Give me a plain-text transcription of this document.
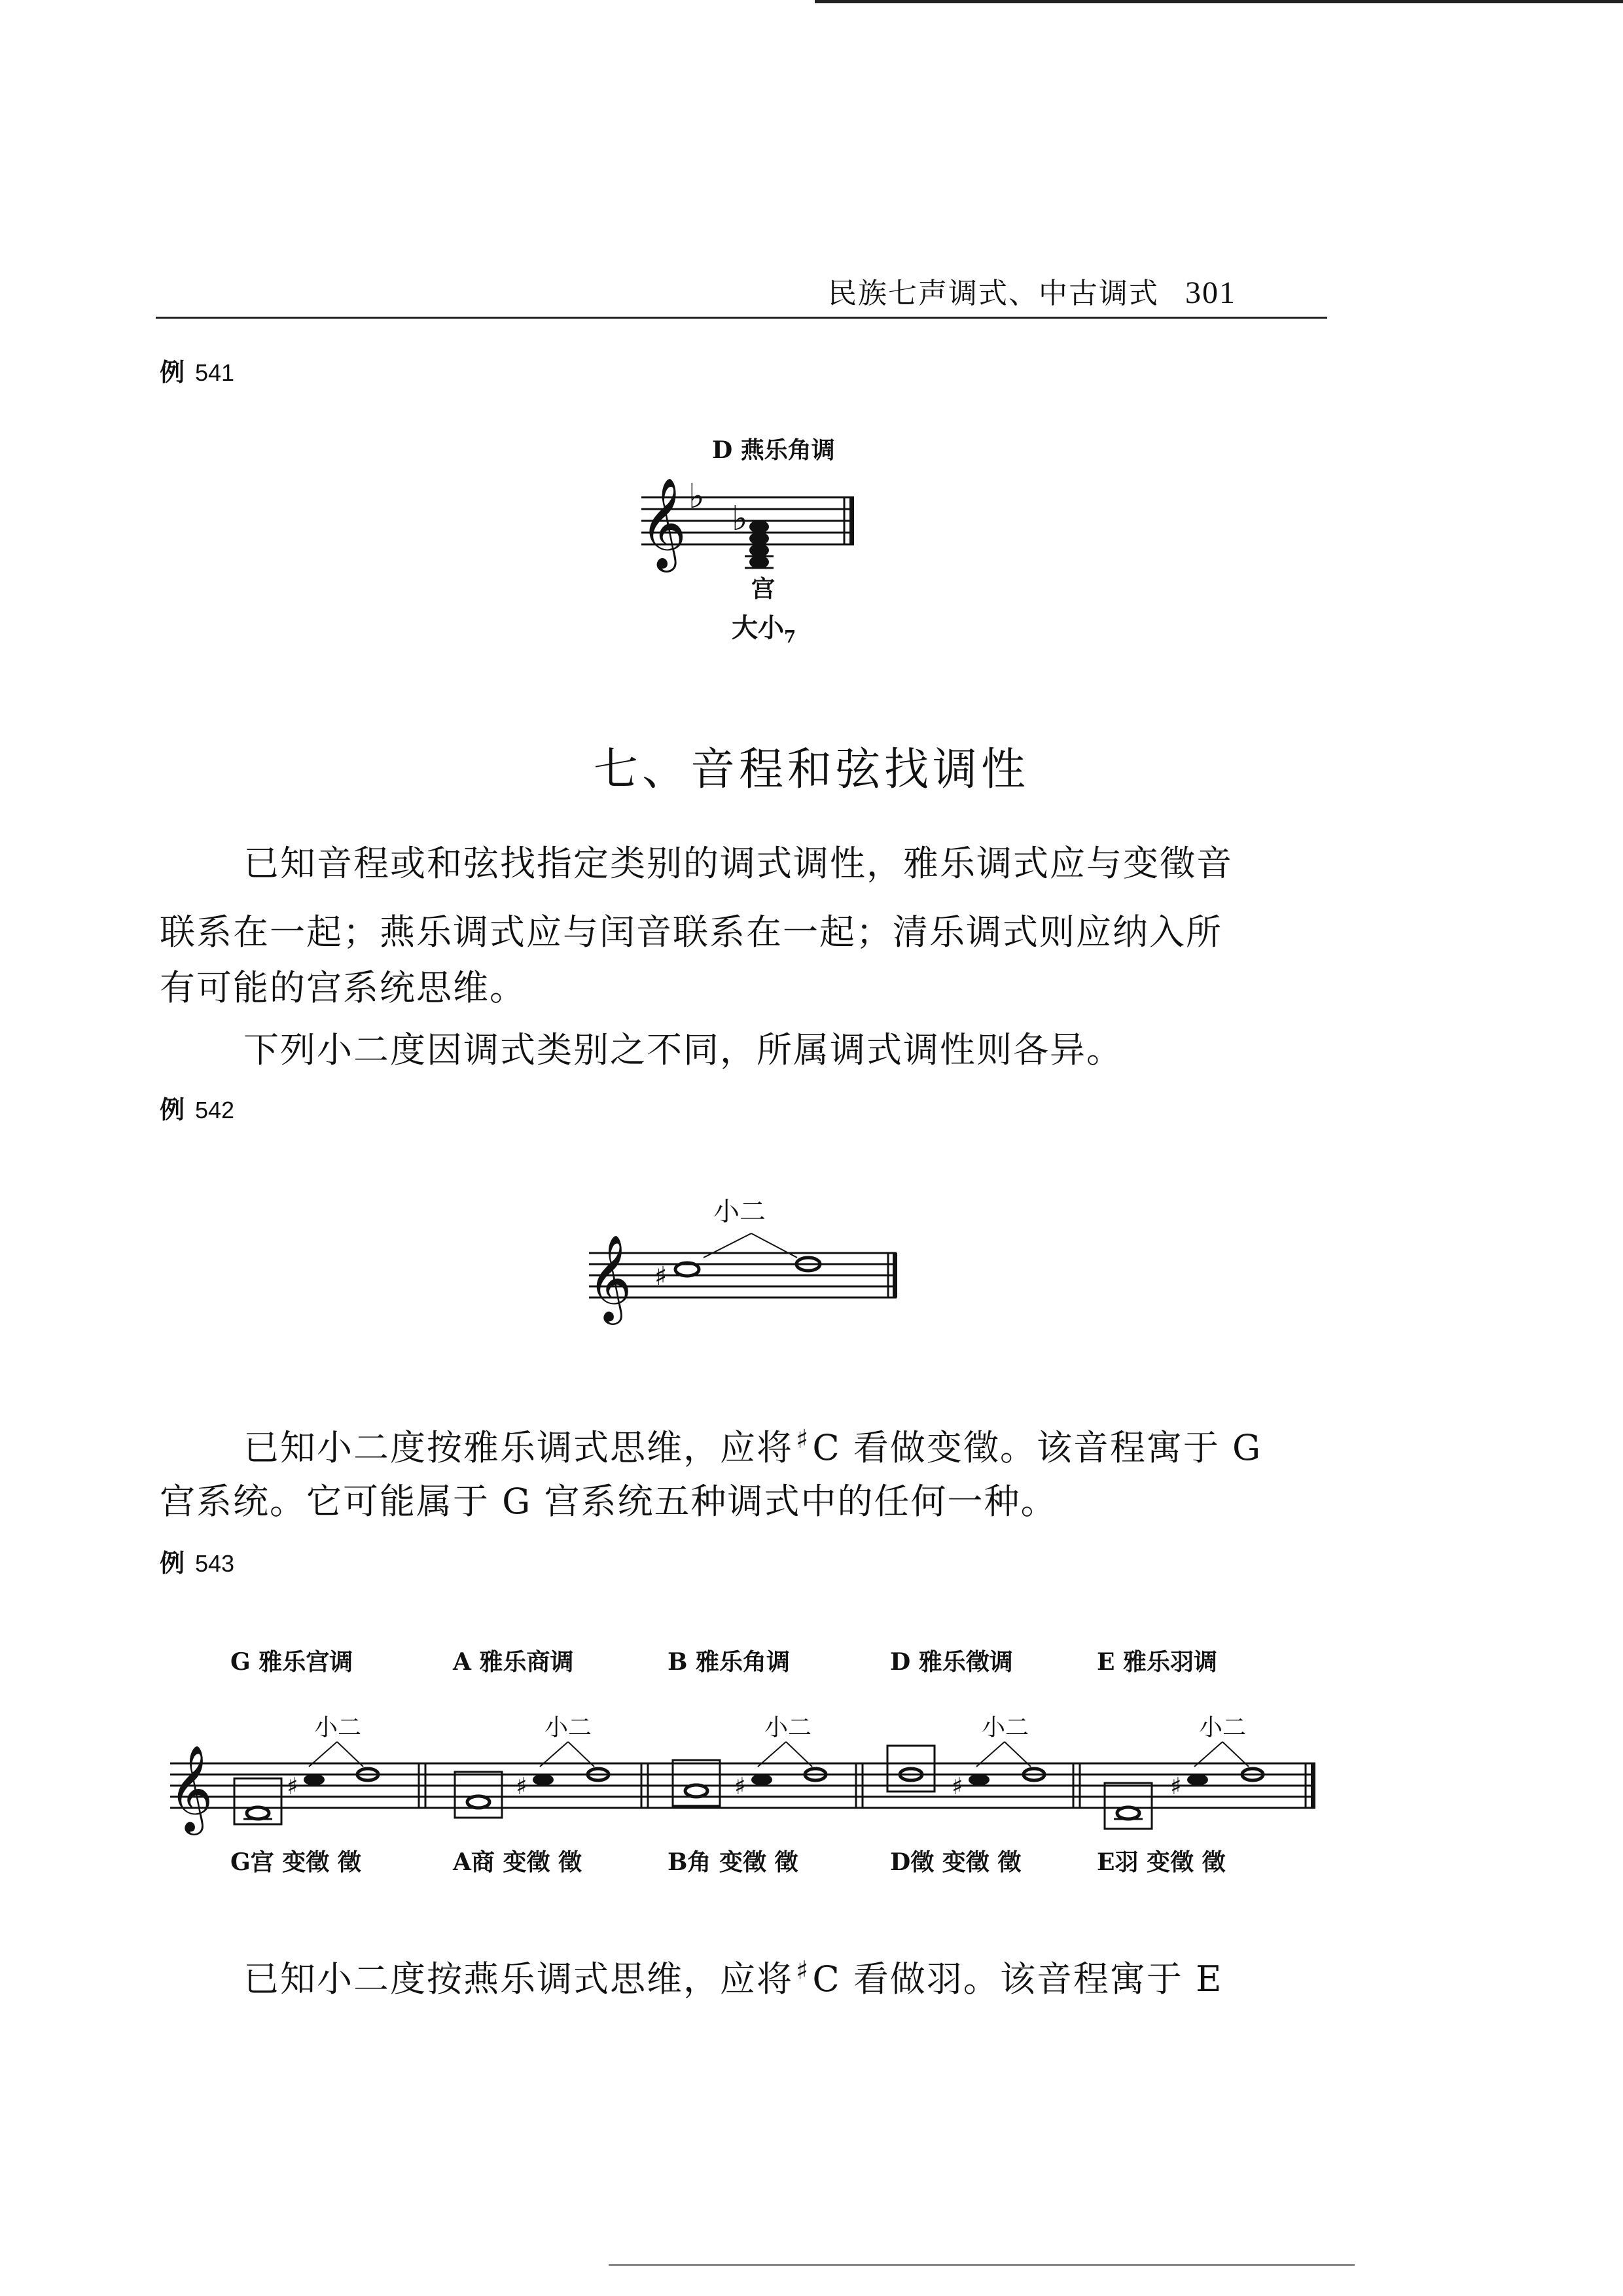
民族七声调式、中古调式 301
例 541
D 燕乐角调
𝄞 ♭
♭
宫
大小$_7$
七、音程和弦找调性
已知音程或和弦找指定类别的调式调性，雅乐调式应与变徵音
联系在一起；燕乐调式应与闰音联系在一起；清乐调式则应纳入所
有可能的宫系统思维。
下列小二度因调式类别之不同，所属调式调性则各异。
例 542
小二
𝄞 ♯
已知小二度按雅乐调式思维，应将 ♯C 看做变徵。该音程寓于 G
宫系统。它可能属于 G 宫系统五种调式中的任何一种。
例 543
G 雅乐宫调	A 雅乐商调	B 雅乐角调	D 雅乐徵调	E 雅乐羽调
小二	小二	小二	小二	小二
𝄞	♯	♯	♯	♯	♯
G宫 变徵 徵	A商 变徵 徵	B角 变徵 徵	D徵 变徵 徵	E羽 变徵 徵
已知小二度按燕乐调式思维，应将 ♯C 看做羽。该音程寓于 E
